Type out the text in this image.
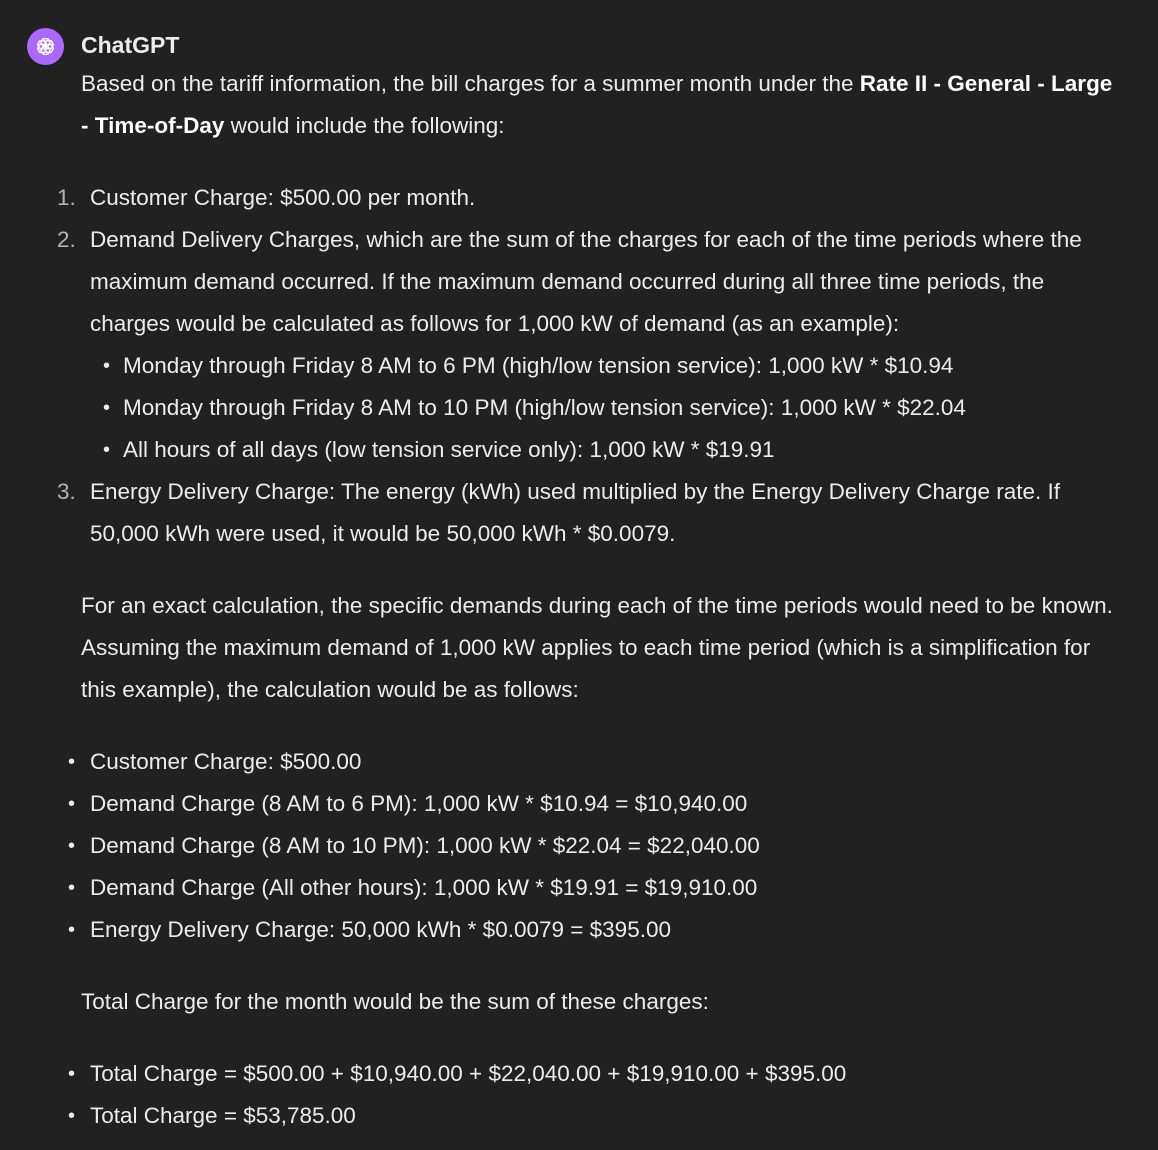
ChatGPT

Based on the tariff information, the bill charges for a summer month under the Rate II - General - Large - Time-of-Day would include the following:

1. Customer Charge: $500.00 per month.
2. Demand Delivery Charges, which are the sum of the charges for each of the time periods where the maximum demand occurred. If the maximum demand occurred during all three time periods, the charges would be calculated as follows for 1,000 kW of demand (as an example):
• Monday through Friday 8 AM to 6 PM (high/low tension service): 1,000 kW * $10.94
• Monday through Friday 8 AM to 10 PM (high/low tension service): 1,000 kW * $22.04
• All hours of all days (low tension service only): 1,000 kW * $19.91
3. Energy Delivery Charge: The energy (kWh) used multiplied by the Energy Delivery Charge rate. If 50,000 kWh were used, it would be 50,000 kWh * $0.0079.

For an exact calculation, the specific demands during each of the time periods would need to be known. Assuming the maximum demand of 1,000 kW applies to each time period (which is a simplification for this example), the calculation would be as follows:

• Customer Charge: $500.00
• Demand Charge (8 AM to 6 PM): 1,000 kW * $10.94 = $10,940.00
• Demand Charge (8 AM to 10 PM): 1,000 kW * $22.04 = $22,040.00
• Demand Charge (All other hours): 1,000 kW * $19.91 = $19,910.00
• Energy Delivery Charge: 50,000 kWh * $0.0079 = $395.00

Total Charge for the month would be the sum of these charges:

• Total Charge = $500.00 + $10,940.00 + $22,040.00 + $19,910.00 + $395.00
• Total Charge = $53,785.00
